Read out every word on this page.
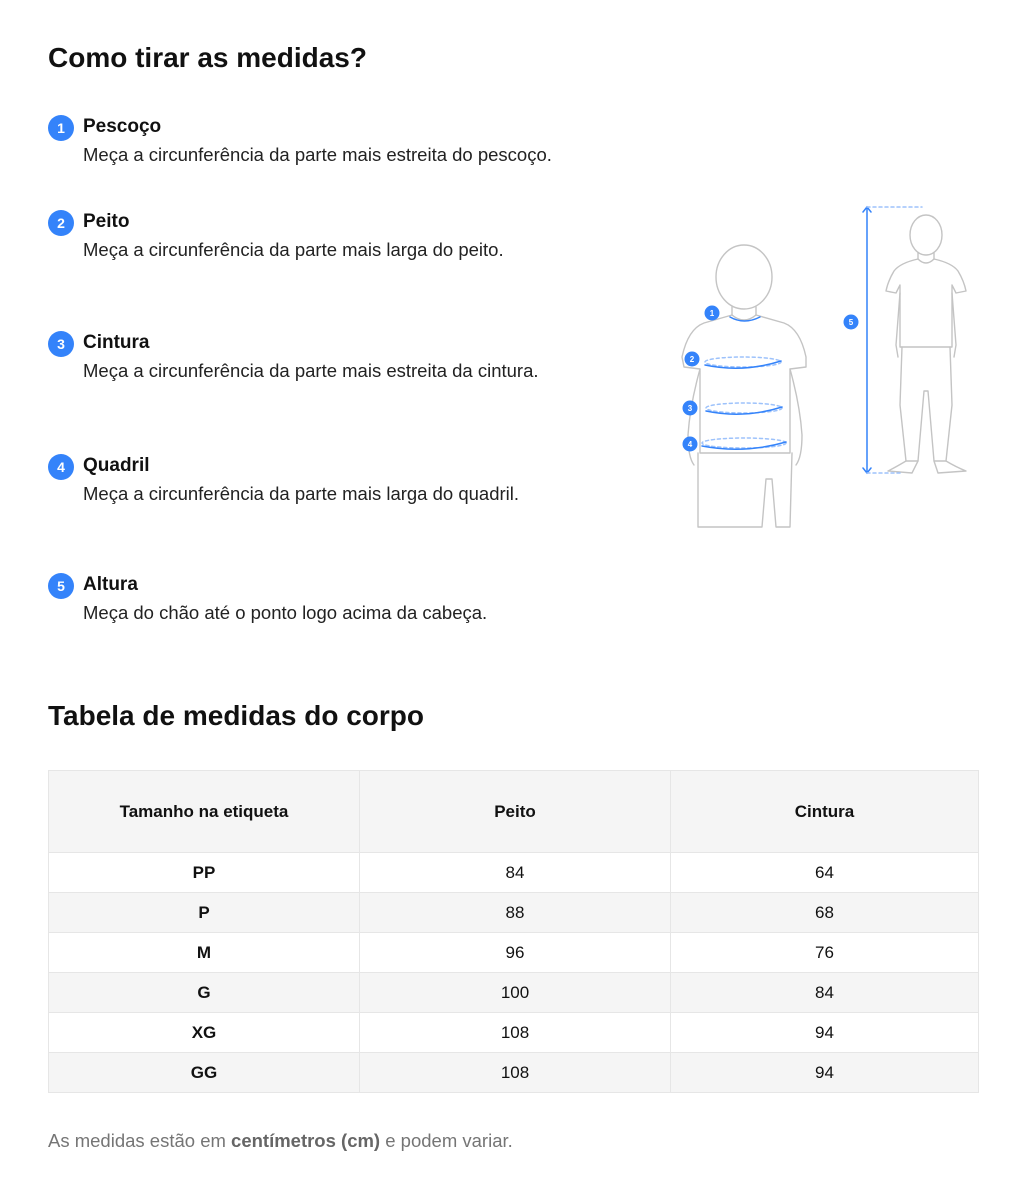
Como tirar as medidas?
1 Pescoço
Meça a circunferência da parte mais estreita do pescoço.
2 Peito
Meça a circunferência da parte mais larga do peito.
3 Cintura
Meça a circunferência da parte mais estreita da cintura.
4 Quadril
Meça a circunferência da parte mais larga do quadril.
5 Altura
Meça do chão até o ponto logo acima da cabeça.
1
2
3
4
5
Tabela de medidas do corpo
Tamanho na etiqueta	Peito	Cintura
PP	84	64
P	88	68
M	96	76
G	100	84
XG	108	94
GG	108	94

As medidas estão em centímetros (cm) e podem variar.
